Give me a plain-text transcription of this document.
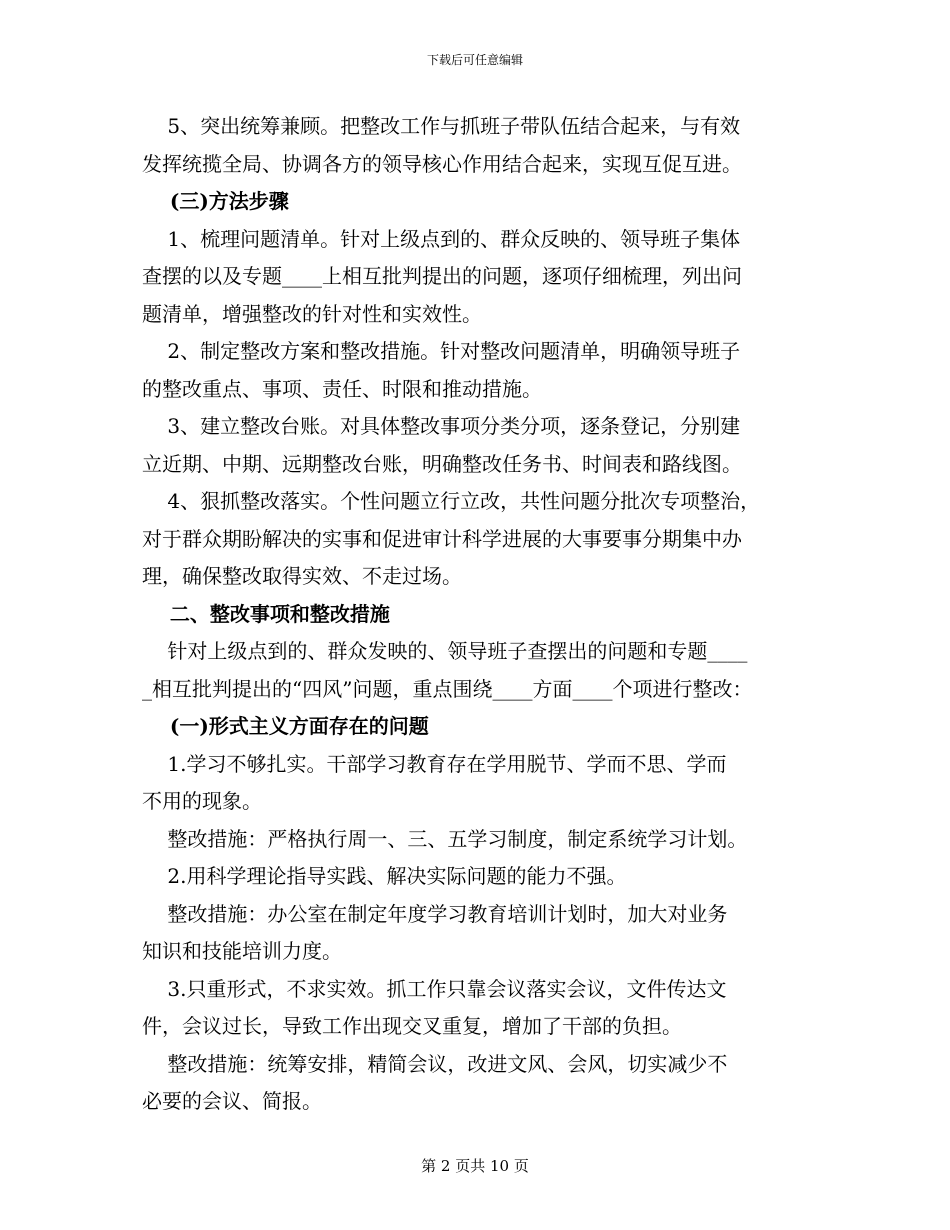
下载后可任意编辑

5、突出统筹兼顾。把整改工作与抓班子带队伍结合起来，与有效

发挥统揽全局、协调各方的领导核心作用结合起来，实现互促互进。

(三)方法步骤

1、梳理问题清单。针对上级点到的、群众反映的、领导班子集体

查摆的以及专题____上相互批判提出的问题，逐项仔细梳理，列出问

题清单，增强整改的针对性和实效性。

2、制定整改方案和整改措施。针对整改问题清单，明确领导班子

的整改重点、事项、责任、时限和推动措施。

3、建立整改台账。对具体整改事项分类分项，逐条登记，分别建

立近期、中期、远期整改台账，明确整改任务书、时间表和路线图。

4、狠抓整改落实。个性问题立行立改，共性问题分批次专项整治，

对于群众期盼解决的实事和促进审计科学进展的大事要事分期集中办

理，确保整改取得实效、不走过场。

二、整改事项和整改措施

针对上级点到的、群众发映的、领导班子查摆出的问题和专题____

_相互批判提出的“四风”问题，重点围绕____方面____个项进行整改：

(一)形式主义方面存在的问题

1.学习不够扎实。干部学习教育存在学用脱节、学而不思、学而

不用的现象。

整改措施：严格执行周一、三、五学习制度，制定系统学习计划。

2.用科学理论指导实践、解决实际问题的能力不强。

整改措施：办公室在制定年度学习教育培训计划时，加大对业务

知识和技能培训力度。

3.只重形式，不求实效。抓工作只靠会议落实会议，文件传达文

件，会议过长，导致工作出现交叉重复，增加了干部的负担。

整改措施：统筹安排，精简会议，改进文风、会风，切实减少不

必要的会议、简报。

第 2 页共 10 页
